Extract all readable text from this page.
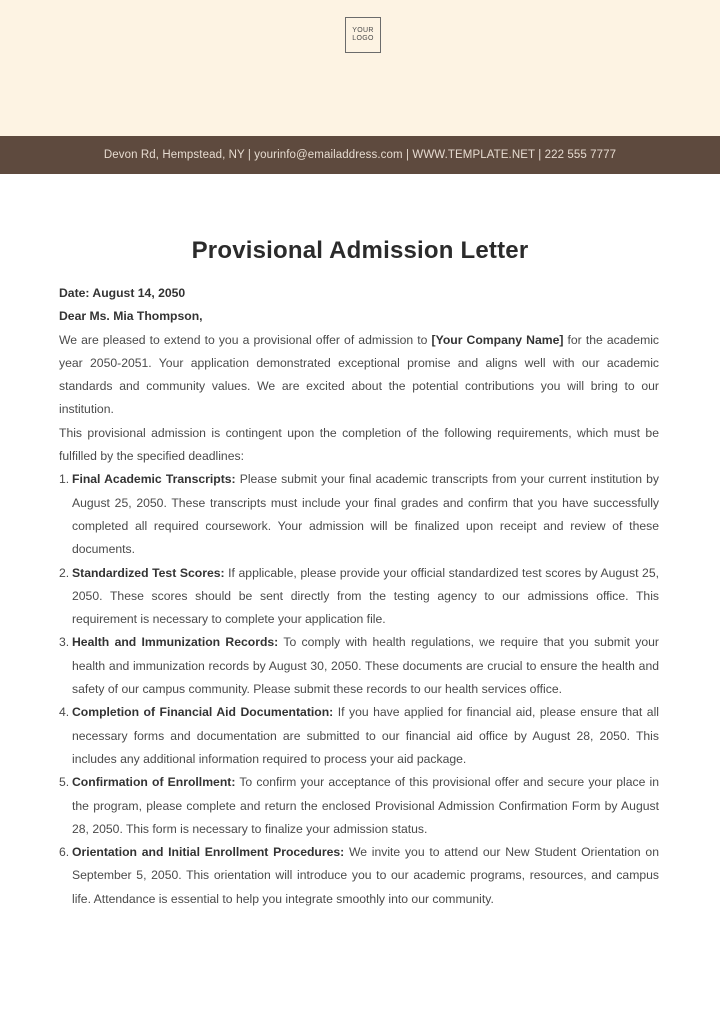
YOUR
LOGO
Devon Rd, Hempstead, NY | yourinfo@emailaddress.com | WWW.TEMPLATE.NET | 222 555 7777
Provisional Admission Letter
Date: August 14, 2050
Dear Ms. Mia Thompson,

We are pleased to extend to you a provisional offer of admission to [Your Company Name] for the academic year 2050-2051. Your application demonstrated exceptional promise and aligns well with our academic standards and community values. We are excited about the potential contributions you will bring to our institution.

This provisional admission is contingent upon the completion of the following requirements, which must be fulfilled by the specified deadlines:

1. Final Academic Transcripts: Please submit your final academic transcripts from your current institution by August 25, 2050. These transcripts must include your final grades and confirm that you have successfully completed all required coursework. Your admission will be finalized upon receipt and review of these documents.
2. Standardized Test Scores: If applicable, please provide your official standardized test scores by August 25, 2050. These scores should be sent directly from the testing agency to our admissions office. This requirement is necessary to complete your application file.
3. Health and Immunization Records: To comply with health regulations, we require that you submit your health and immunization records by August 30, 2050. These documents are crucial to ensure the health and safety of our campus community. Please submit these records to our health services office.
4. Completion of Financial Aid Documentation: If you have applied for financial aid, please ensure that all necessary forms and documentation are submitted to our financial aid office by August 28, 2050. This includes any additional information required to process your aid package.
5. Confirmation of Enrollment: To confirm your acceptance of this provisional offer and secure your place in the program, please complete and return the enclosed Provisional Admission Confirmation Form by August 28, 2050. This form is necessary to finalize your admission status.
6. Orientation and Initial Enrollment Procedures: We invite you to attend our New Student Orientation on September 5, 2050. This orientation will introduce you to our academic programs, resources, and campus life. Attendance is essential to help you integrate smoothly into our community.
